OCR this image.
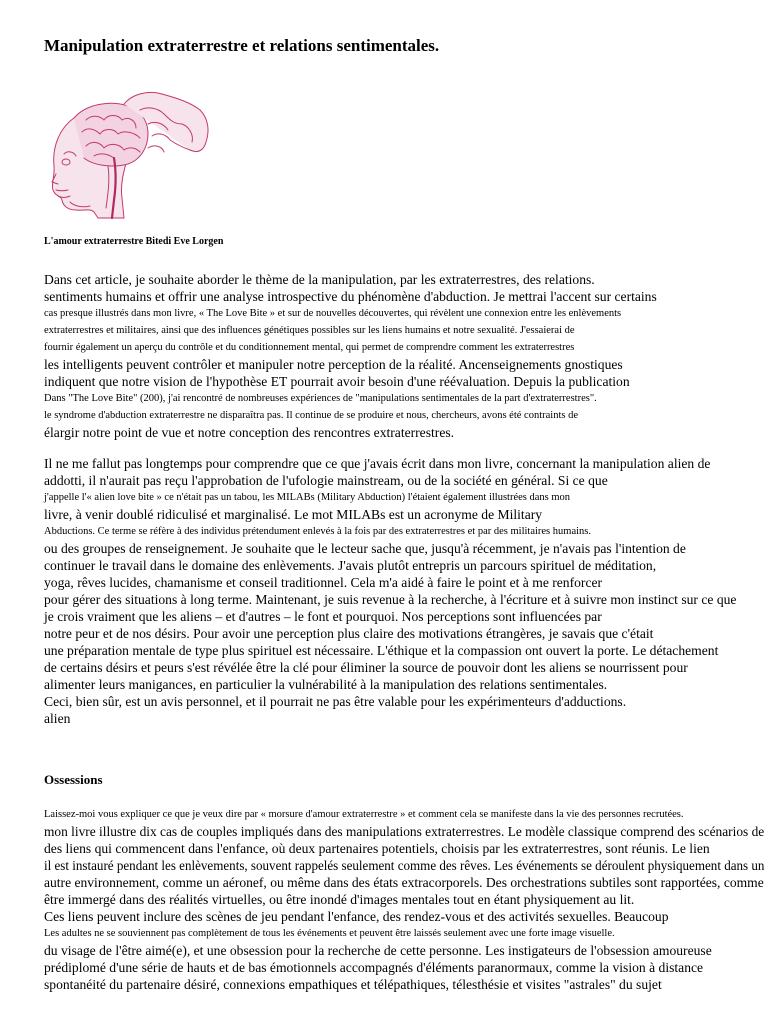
Manipulation extraterrestre et relations sentimentales.
L'amour extraterrestre Bitedi Eve Lorgen
Dans cet article, je souhaite aborder le thème de la manipulation, par les extraterrestres, des relations.
sentiments humains et offrir une analyse introspective du phénomène d'abduction. Je mettrai l'accent sur certains
cas presque illustrés dans mon livre, « The Love Bite » et sur de nouvelles découvertes, qui révèlent une connexion entre les enlèvements
extraterrestres et militaires, ainsi que des influences génétiques possibles sur les liens humains et notre sexualité. J'essaierai de
fournir également un aperçu du contrôle et du conditionnement mental, qui permet de comprendre comment les extraterrestres
les intelligents peuvent contrôler et manipuler notre perception de la réalité. Ancenseignements gnostiques
indiquent que notre vision de l'hypothèse ET pourrait avoir besoin d'une réévaluation. Depuis la publication
Dans "The Love Bite" (200), j'ai rencontré de nombreuses expériences de "manipulations sentimentales de la part d'extraterrestres".
le syndrome d'abduction extraterrestre ne disparaîtra pas. Il continue de se produire et nous, chercheurs, avons été contraints de
élargir notre point de vue et notre conception des rencontres extraterrestres.
Il ne me fallut pas longtemps pour comprendre que ce que j'avais écrit dans mon livre, concernant la manipulation alien de
addotti, il n'aurait pas reçu l'approbation de l'ufologie mainstream, ou de la société en général. Si ce que
j'appelle l'« alien love bite » ce n'était pas un tabou, les MILABs (Military Abduction) l'étaient également illustrées dans mon
livre, à venir doublé ridiculisé et marginalisé. Le mot MILABs est un acronyme de Military
Abductions. Ce terme se réfère à des individus prétendument enlevés à la fois par des extraterrestres et par des militaires humains.
ou des groupes de renseignement. Je souhaite que le lecteur sache que, jusqu'à récemment, je n'avais pas l'intention de
continuer le travail dans le domaine des enlèvements. J'avais plutôt entrepris un parcours spirituel de méditation,
yoga, rêves lucides, chamanisme et conseil traditionnel. Cela m'a aidé à faire le point et à me renforcer
pour gérer des situations à long terme. Maintenant, je suis revenue à la recherche, à l'écriture et à suivre mon instinct sur ce que
je crois vraiment que les aliens – et d'autres – le font et pourquoi. Nos perceptions sont influencées par
notre peur et de nos désirs. Pour avoir une perception plus claire des motivations étrangères, je savais que c'était
une préparation mentale de type plus spirituel est nécessaire. L'éthique et la compassion ont ouvert la porte. Le détachement
de certains désirs et peurs s'est révélée être la clé pour éliminer la source de pouvoir dont les aliens se nourrissent pour
alimenter leurs manigances, en particulier la vulnérabilité à la manipulation des relations sentimentales.
Ceci, bien sûr, est un avis personnel, et il pourrait ne pas être valable pour les expérimenteurs d'adductions.
alien
Ossessions
Laissez-moi vous expliquer ce que je veux dire par « morsure d'amour extraterrestre » et comment cela se manifeste dans la vie des personnes recrutées.
mon livre illustre dix cas de couples impliqués dans des manipulations extraterrestres. Le modèle classique comprend des scénarios de
des liens qui commencent dans l'enfance, où deux partenaires potentiels, choisis par les extraterrestres, sont réunis. Le lien
il est instauré pendant les enlèvements, souvent rappelés seulement comme des rêves. Les événements se déroulent physiquement dans un
autre environnement, comme un aéronef, ou même dans des états extracorporels. Des orchestrations subtiles sont rapportées, comme
être immergé dans des réalités virtuelles, ou être inondé d'images mentales tout en étant physiquement au lit.
Ces liens peuvent inclure des scènes de jeu pendant l'enfance, des rendez-vous et des activités sexuelles. Beaucoup
Les adultes ne se souviennent pas complètement de tous les événements et peuvent être laissés seulement avec une forte image visuelle.
du visage de l'être aimé(e), et une obsession pour la recherche de cette personne. Les instigateurs de l'obsession amoureuse
prédiplomé d'une série de hauts et de bas émotionnels accompagnés d'éléments paranormaux, comme la vision à distance
spontanéité du partenaire désiré, connexions empathiques et télépathiques, télesthésie et visites "astrales" du sujet
